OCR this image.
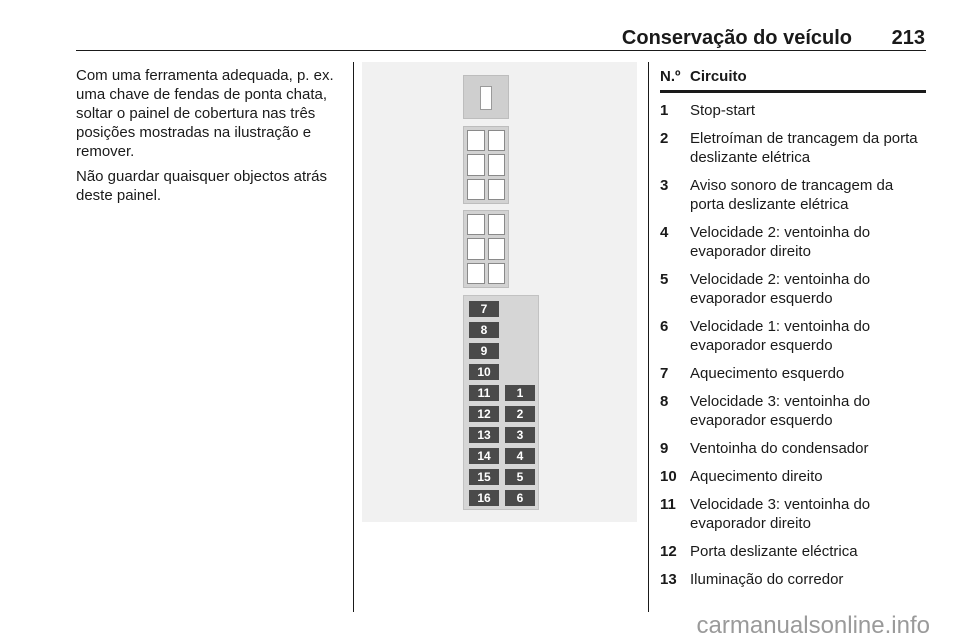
Conservação do veículo 213

Com uma ferramenta adequada, p. ex. uma chave de fendas de ponta chata, soltar o painel de cobertura nas três posições mostradas na ilustração e remover.

Não guardar quaisquer objectos atrás deste painel.

7
8
9
10
11
12
13
14
15
16
1
2
3
4
5
6
N.º Circuito
1	Stop-start
2	Eletroíman de trancagem da porta deslizante elétrica
3	Aviso sonoro de trancagem da porta deslizante elétrica
4	Velocidade 2: ventoinha do evaporador direito
5	Velocidade 2: ventoinha do evaporador esquerdo
6	Velocidade 1: ventoinha do evaporador esquerdo
7	Aquecimento esquerdo
8	Velocidade 3: ventoinha do evaporador esquerdo
9	Ventoinha do condensador
10 Aquecimento direito
11 Velocidade 3: ventoinha do evaporador direito
12 Porta deslizante eléctrica
13 Iluminação do corredor
carmanualsonline.info
